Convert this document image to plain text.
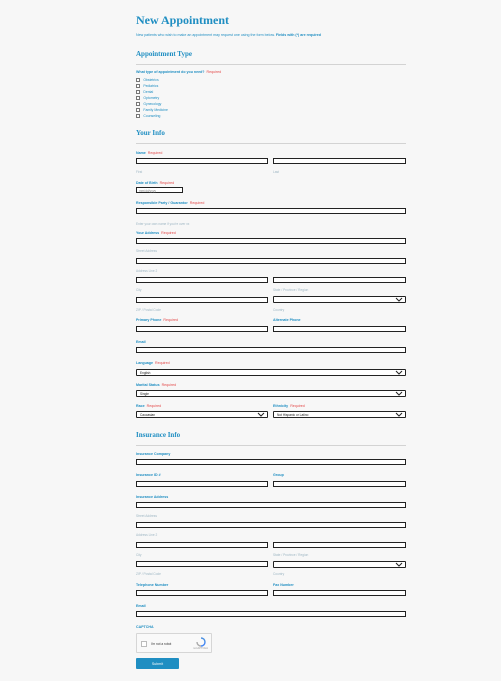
New Appointment
New patients who wish to make an appointment may request one using the form below. Fields with (*) are required
Appointment Type
What type of appointment do you need? Required
Obstetrics
Pediatrics
Dental
Optometry
Gynecology
Family Medicine
Counseling
Your Info
Name Required
First	Last
Date of Birth Required
mm/dd/yyyy
Responsible Party / Guarantor Required
Enter your own name if you're over xx
Your Address Required
Street Address
Address Line 2
City	State / Province / Region
ZIP / Postal Code	Country
Primary Phone Required	Alternate Phone
Email
Language Required
English
Marital Status Required
Single
Race Required	Ethnicity Required
Caucasian	Not Hispanic or Latino
Insurance Info
Insurance Company
Insurance ID #	Group
Insurance Address
Street Address
Address Line 2
City	State / Province / Region
ZIP / Postal Code	Country
Telephone Number	Fax Number
Email
CAPTCHA
I'm not a robot
reCAPTCHA
Submit
